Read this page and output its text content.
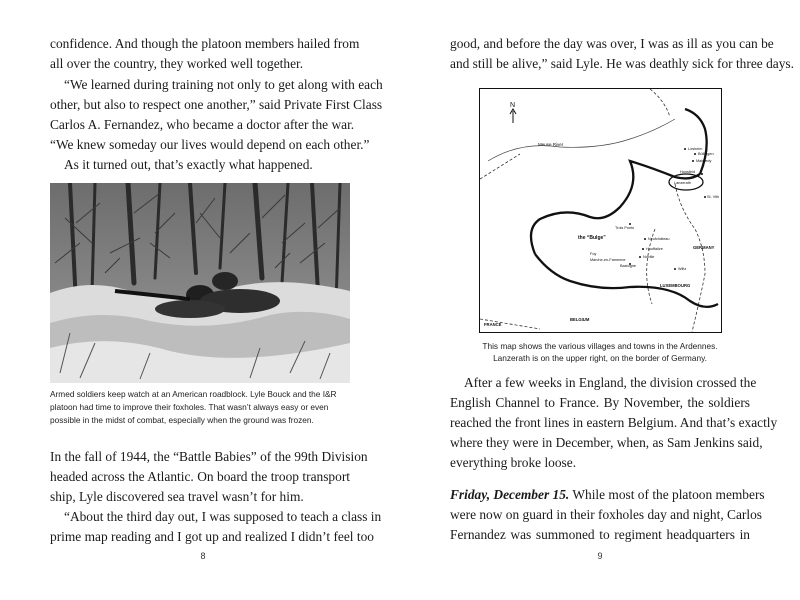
confidence. And though the platoon members hailed from

all over the country, they worked well together.

“We learned during training not only to get along with each

other, but also to respect one another,” said Private First Class

Carlos A. Fernandez, who became a doctor after the war.

“We knew someday our lives would depend on each other.”

As it turned out, that’s exactly what happened.

Armed soldiers keep watch at an American roadblock. Lyle Bouck and the I&R

platoon had time to improve their foxholes. That wasn’t always easy or even

possible in the midst of combat, especially when the ground was frozen.

In the fall of 1944, the “Battle Babies” of the 99th Division

headed across the Atlantic. On board the troop transport

ship, Lyle discovered sea travel wasn’t for him.

“About the third day out, I was supposed to teach a class in

prime map reading and I got up and realized I didn’t feel too

8

good, and before the day was over, I was as ill as you can be

and still be alive,” said Lyle. He was deathly sick for three days.

N
Meuse River
the “Bulge”
Malmedy
Honsfeld
Lanzerath
St. Vith
Trois Ponts
Neufchâteau
Houffalize
Noville
Foy
Marche-en-Famenne
Bastogne
Wiltz
Losheim
Büllingen
GERMANY
LUXEMBOURG
BELGIUM
FRANCE

This map shows the various villages and towns in the Ardennes.

Lanzerath is on the upper right, on the border of Germany.

After a few weeks in England, the division crossed the

English Channel to France. By November, the soldiers

reached the front lines in eastern Belgium. And that’s exactly

where they were in December, when, as Sam Jenkins said,

everything broke loose.

Friday, December 15. While most of the platoon members

were now on guard in their foxholes day and night, Carlos

Fernandez was summoned to regiment headquarters in

9
